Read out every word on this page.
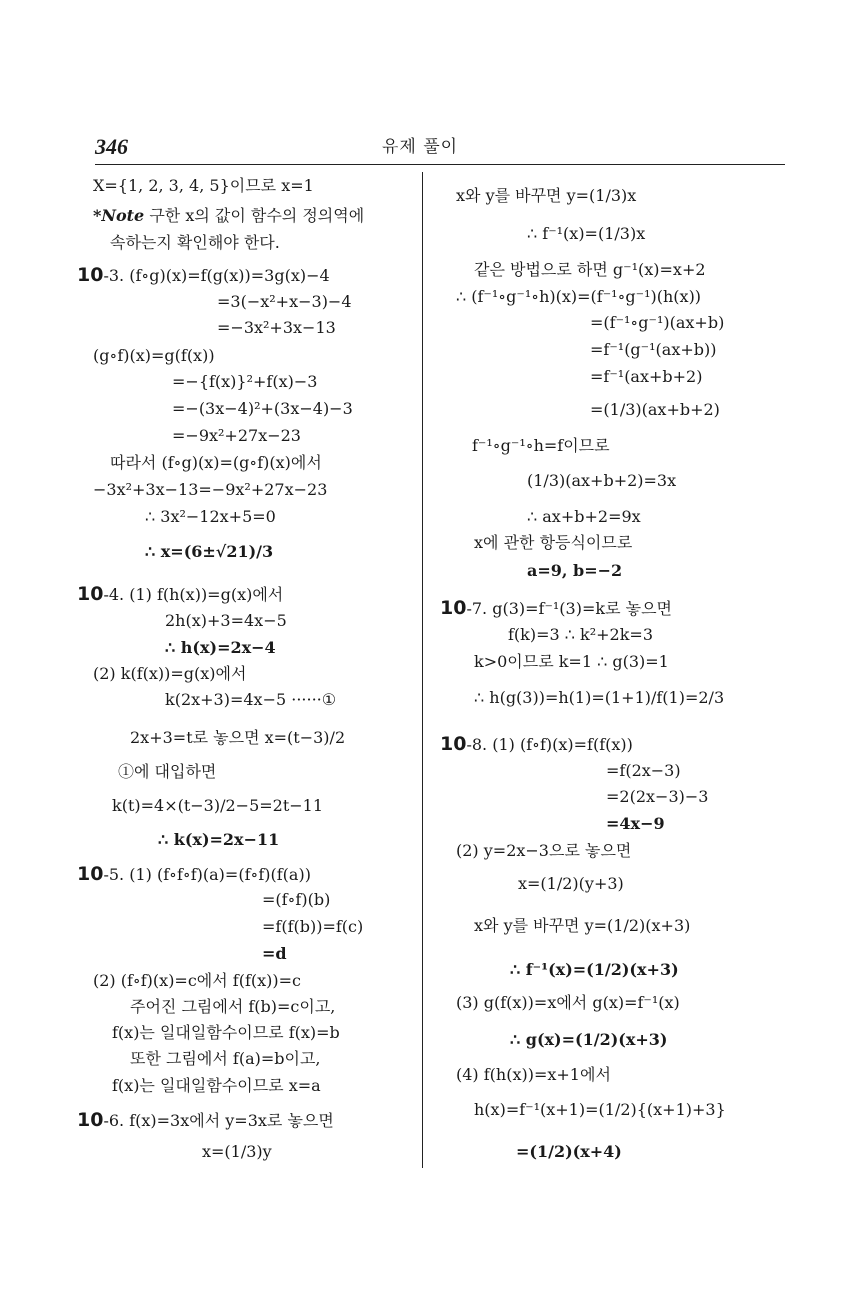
346	유제 풀이
X={1, 2, 3, 4, 5}이므로 x=1
*Note 구한 x의 값이 함수의 정의역에
속하는지 확인해야 한다.
10-3. (f∘g)(x)=f(g(x))=3g(x)−4
=3(−x²+x−3)−4
=−3x²+3x−13
(g∘f)(x)=g(f(x))
=−{f(x)}²+f(x)−3
=−(3x−4)²+(3x−4)−3
=−9x²+27x−23
따라서 (f∘g)(x)=(g∘f)(x)에서
−3x²+3x−13=−9x²+27x−23
∴ 3x²−12x+5=0
∴ x=(6±√21)/3
10-4. (1) f(h(x))=g(x)에서
2h(x)+3=4x−5
∴ h(x)=2x−4
(2) k(f(x))=g(x)에서
k(2x+3)=4x−5 ······①
2x+3=t로 놓으면 x=(t−3)/2
①에 대입하면
k(t)=4×(t−3)/2−5=2t−11
∴ k(x)=2x−11
10-5. (1) (f∘f∘f)(a)=(f∘f)(f(a))
=(f∘f)(b)
=f(f(b))=f(c)
=d
(2) (f∘f)(x)=c에서 f(f(x))=c
주어진 그림에서 f(b)=c이고,
f(x)는 일대일함수이므로 f(x)=b
또한 그림에서 f(a)=b이고,
f(x)는 일대일함수이므로 x=a
10-6. f(x)=3x에서 y=3x로 놓으면
x=(1/3)y
x와 y를 바꾸면 y=(1/3)x
∴ f⁻¹(x)=(1/3)x
같은 방법으로 하면 g⁻¹(x)=x+2
∴ (f⁻¹∘g⁻¹∘h)(x)=(f⁻¹∘g⁻¹)(h(x))
=(f⁻¹∘g⁻¹)(ax+b)
=f⁻¹(g⁻¹(ax+b))
=f⁻¹(ax+b+2)
=(1/3)(ax+b+2)
f⁻¹∘g⁻¹∘h=f이므로
(1/3)(ax+b+2)=3x
∴ ax+b+2=9x
x에 관한 항등식이므로
a=9, b=−2
10-7. g(3)=f⁻¹(3)=k로 놓으면
f(k)=3 ∴ k²+2k=3
k>0이므로 k=1 ∴ g(3)=1
∴ h(g(3))=h(1)=(1+1)/f(1)=2/3
10-8. (1) (f∘f)(x)=f(f(x))
=f(2x−3)
=2(2x−3)−3
=4x−9
(2) y=2x−3으로 놓으면
x=(1/2)(y+3)
x와 y를 바꾸면 y=(1/2)(x+3)
∴ f⁻¹(x)=(1/2)(x+3)
(3) g(f(x))=x에서 g(x)=f⁻¹(x)
∴ g(x)=(1/2)(x+3)
(4) f(h(x))=x+1에서
h(x)=f⁻¹(x+1)=(1/2){(x+1)+3}
=(1/2)(x+4)
